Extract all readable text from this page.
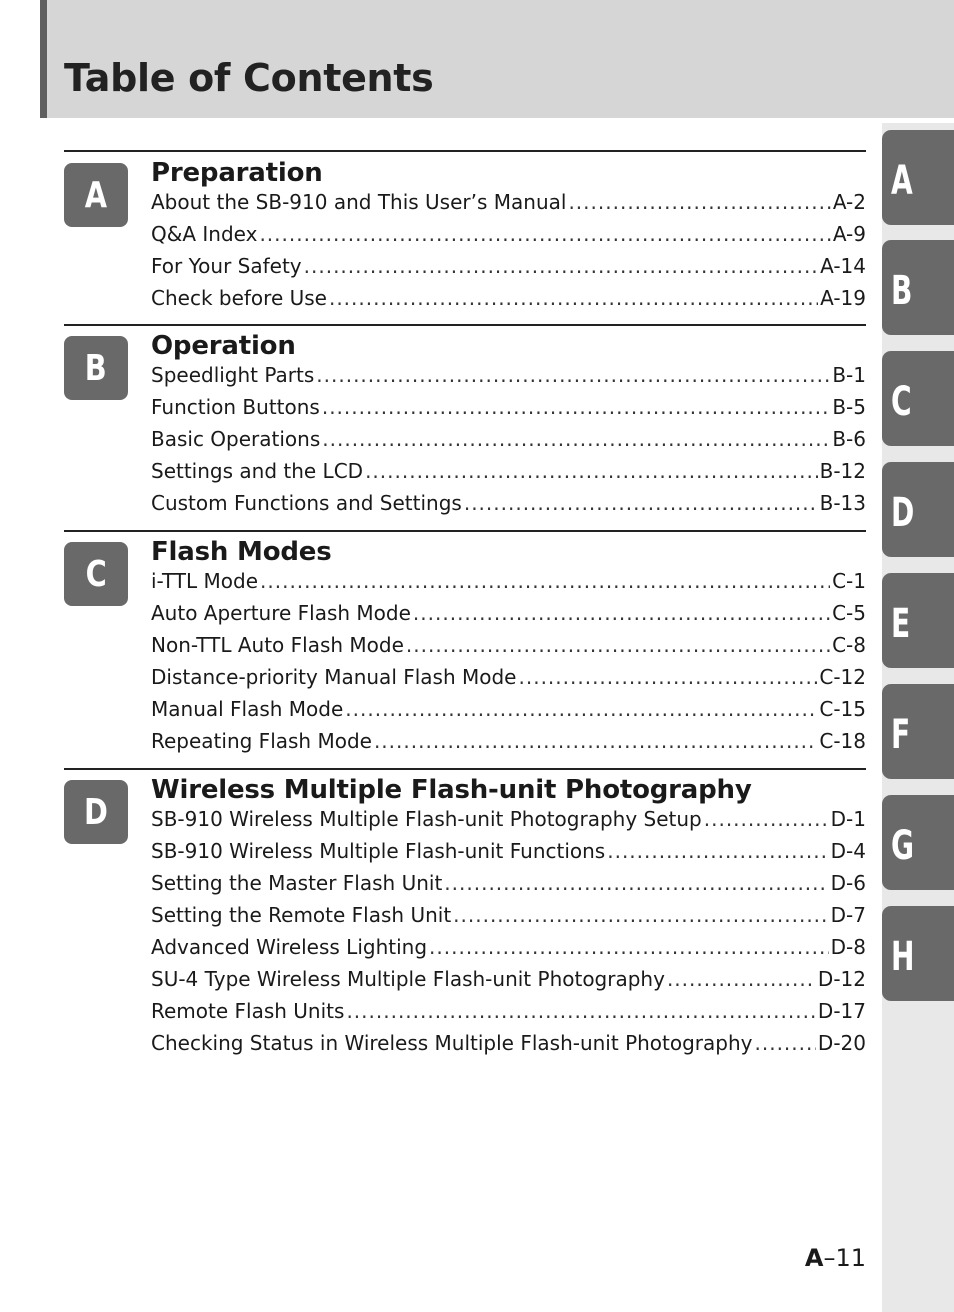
Table of Contents
A
B
C
D
E
F
G
H
A
Preparation
About the SB-910 and This User’s Manual .....	A-2
Q&A Index .....	A-9
For Your Safety .....	A-14
Check before Use .....	A-19
B
Operation
Speedlight Parts .....	B-1
Function Buttons .....	B-5
Basic Operations .....	B-6
Settings and the LCD .....	B-12
Custom Functions and Settings .....	B-13
C
Flash Modes
i-TTL Mode .....	C-1
Auto Aperture Flash Mode .....	C-5
Non-TTL Auto Flash Mode .....	C-8
Distance-priority Manual Flash Mode .....	C-12
Manual Flash Mode .....	C-15
Repeating Flash Mode .....	C-18
D
Wireless Multiple Flash-unit Photography
SB-910 Wireless Multiple Flash-unit Photography Setup .....	D-1
SB-910 Wireless Multiple Flash-unit Functions .....	D-4
Setting the Master Flash Unit .....	D-6
Setting the Remote Flash Unit .....	D-7
Advanced Wireless Lighting .....	D-8
SU-4 Type Wireless Multiple Flash-unit Photography .....	D-12
Remote Flash Units .....	D-17
Checking Status in Wireless Multiple Flash-unit Photography .....	D-20
A–11
